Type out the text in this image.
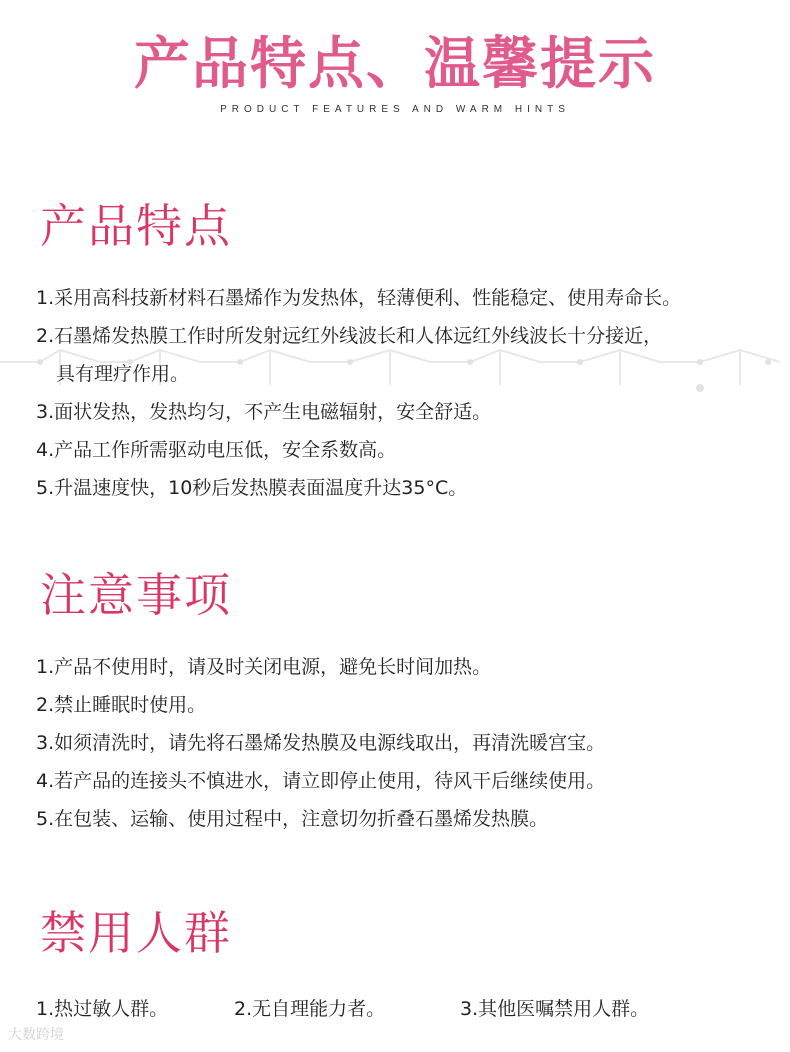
产品特点、温馨提示
PRODUCT FEATURES AND WARM HINTS
产品特点
1.采用高科技新材料石墨烯作为发热体，轻薄便利、性能稳定、使用寿命长。
2.石墨烯发热膜工作时所发射远红外线波长和人体远红外线波长十分接近，
具有理疗作用。
3.面状发热，发热均匀，不产生电磁辐射，安全舒适。
4.产品工作所需驱动电压低，安全系数高。
5.升温速度快，10秒后发热膜表面温度升达35°C。
注意事项
1.产品不使用时，请及时关闭电源，避免长时间加热。
2.禁止睡眠时使用。
3.如须清洗时，请先将石墨烯发热膜及电源线取出，再清洗暖宫宝。
4.若产品的连接头不慎进水，请立即停止使用，待风干后继续使用。
5.在包装、运输、使用过程中，注意切勿折叠石墨烯发热膜。
禁用人群
1.热过敏人群。	2.无自理能力者。	3.其他医嘱禁用人群。
大数跨境
